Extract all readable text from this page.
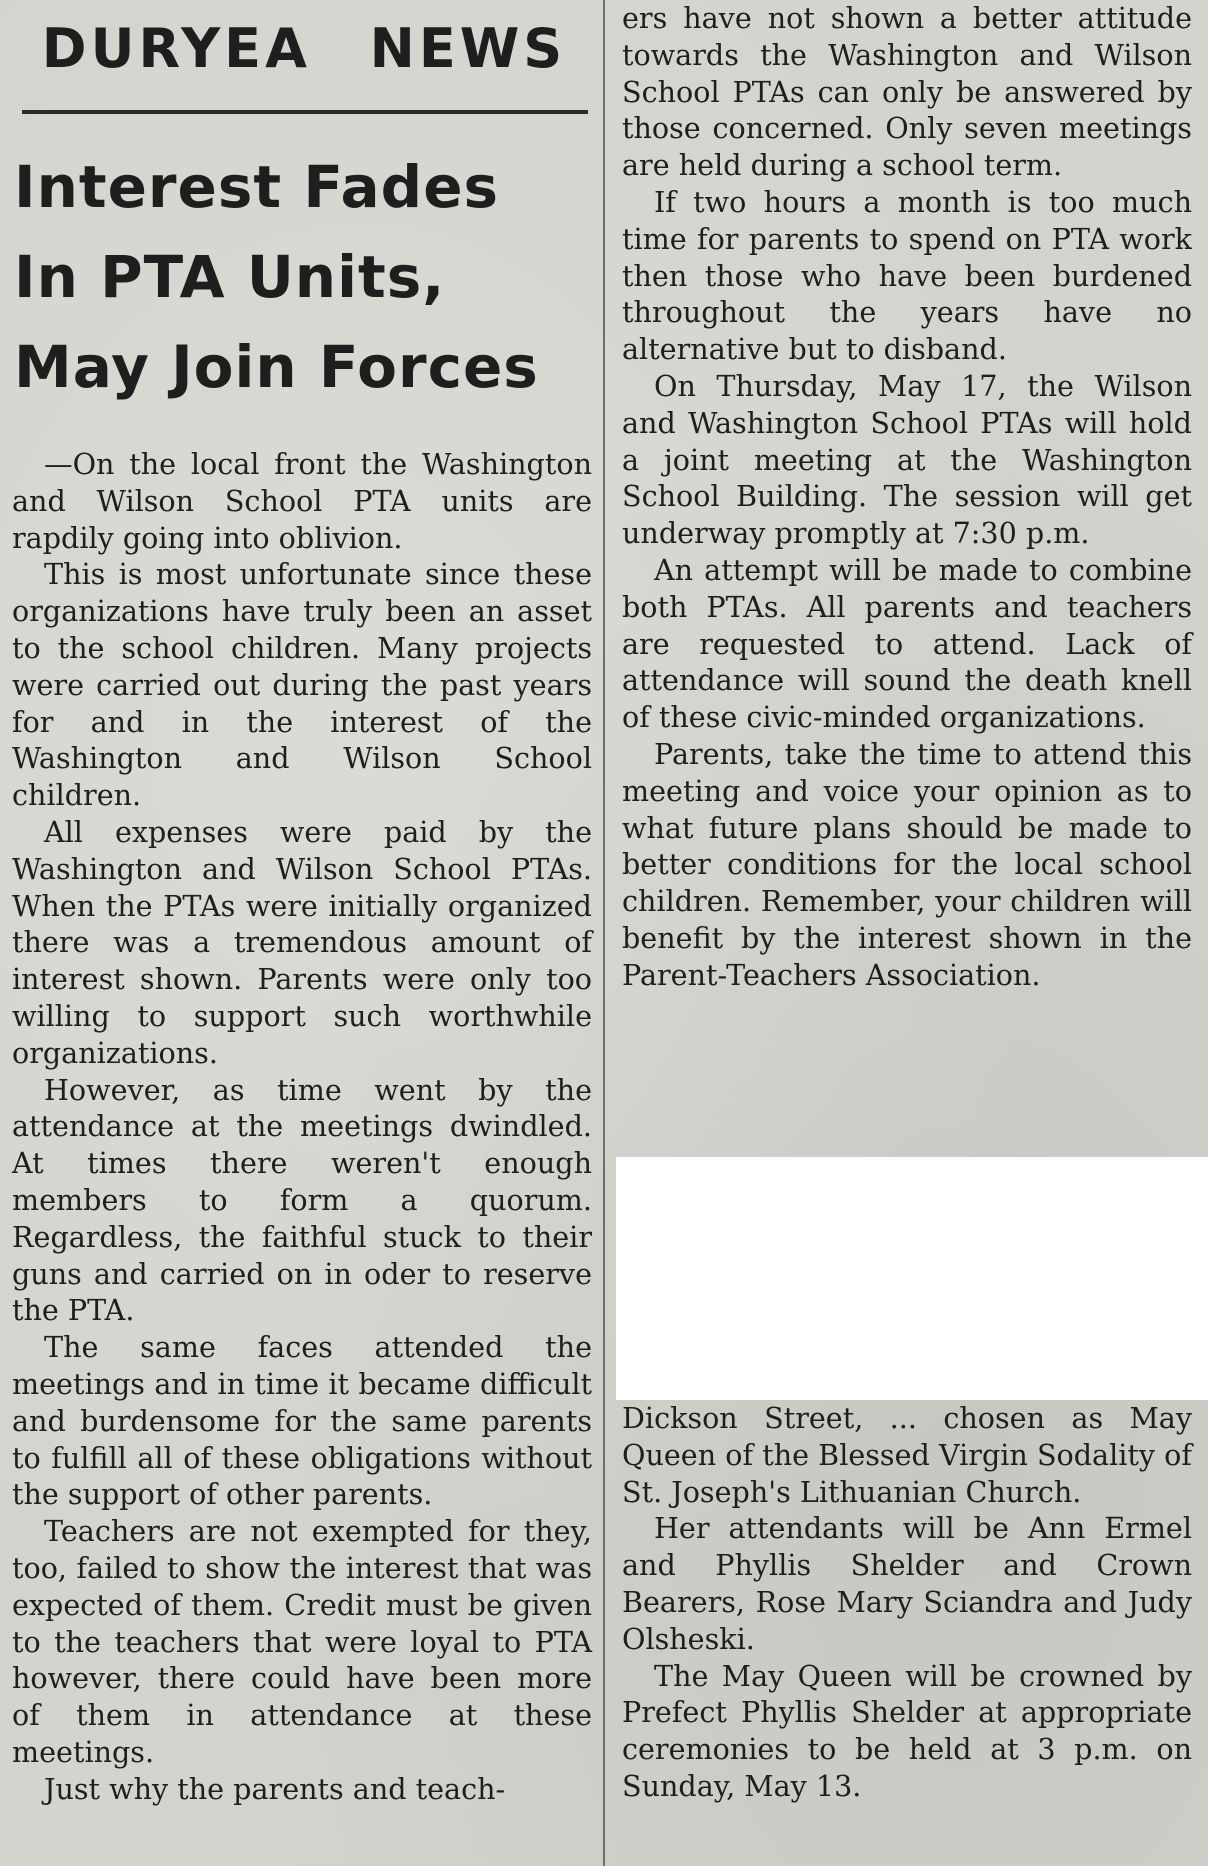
DURYEA NEWS
Interest Fades
In PTA Units,
May Join Forces

—On the local front the Washington and Wilson School PTA units are rapdily going into oblivion.

This is most unfortunate since these organizations have truly been an asset to the school children. Many projects were carried out during the past years for and in the interest of the Washington and Wilson School children.

All expenses were paid by the Washington and Wilson School PTAs. When the PTAs were initially organized there was a tremendous amount of interest shown. Parents were only too willing to support such worthwhile organizations.

However, as time went by the attendance at the meetings dwindled. At times there weren't enough members to form a quorum. Regardless, the faithful stuck to their guns and carried on in oder to reserve the PTA.

The same faces attended the meetings and in time it became difficult and burdensome for the same parents to fulfill all of these obligations without the support of other parents.

Teachers are not exempted for they, too, failed to show the interest that was expected of them. Credit must be given to the teachers that were loyal to PTA however, there could have been more of them in attendance at these meetings.

Just why the parents and teach-

ers have not shown a better attitude towards the Washington and Wilson School PTAs can only be answered by those concerned. Only seven meetings are held during a school term.

If two hours a month is too much time for parents to spend on PTA work then those who have been burdened throughout the years have no alternative but to disband.

On Thursday, May 17, the Wilson and Washington School PTAs will hold a joint meeting at the Washington School Building. The session will get underway promptly at 7:30 p.m.

An attempt will be made to combine both PTAs. All parents and teachers are requested to attend. Lack of attendance will sound the death knell of these civic-minded organizations.

Parents, take the time to attend this meeting and voice your opinion as to what future plans should be made to better conditions for the local school children. Remember, your children will benefit by the interest shown in the Parent-Teachers Association.

Dickson Street, ... chosen as May Queen of the Blessed Virgin Sodality of St. Joseph's Lithuanian Church.

Her attendants will be Ann Ermel and Phyllis Shelder and Crown Bearers, Rose Mary Sciandra and Judy Olsheski.

The May Queen will be crowned by Prefect Phyllis Shelder at appropriate ceremonies to be held at 3 p.m. on Sunday, May 13.
